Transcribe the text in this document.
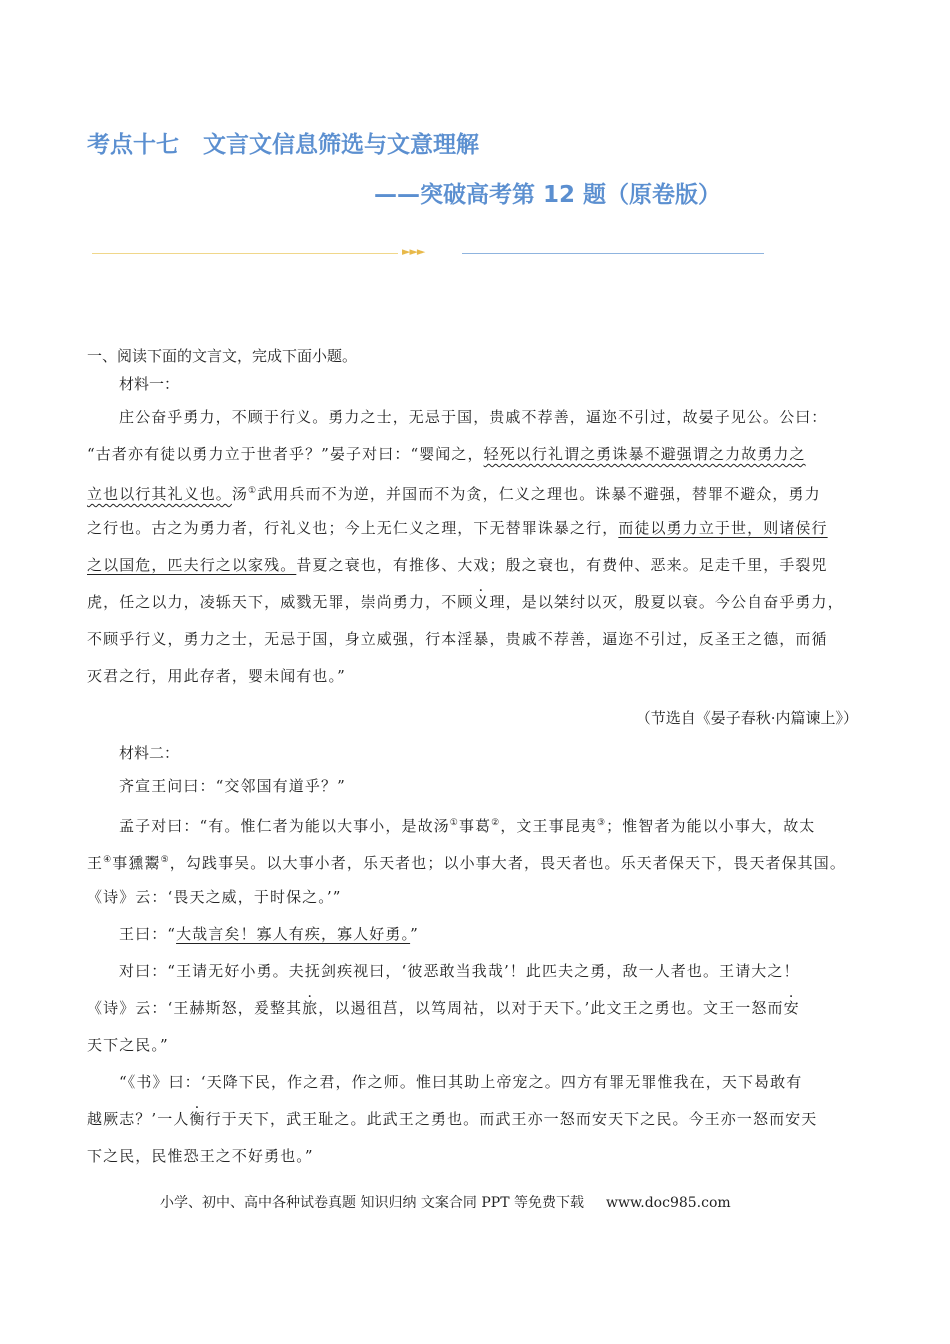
考点十七 文言文信息筛选与文意理解
——突破高考第 12 题（原卷版）
►►►
一、阅读下面的文言文，完成下面小题。
材料一：
庄公奋乎勇力，不顾于行义。勇力之士，无忌于国，贵戚不荐善，逼迩不引过，故晏子见公。公曰：
“古者亦有徒以勇力立于世者乎？”晏子对曰：“婴闻之，轻死以行礼谓之勇诛暴不避强谓之力故勇力之
立也以行其礼义也。汤①武用兵而不为逆，并国而不为贪，仁义之理也。诛暴不避强，替罪不避众，勇力
之行也。古之为勇力者，行礼义也；今上无仁义之理，下无替罪诛暴之行，而徒以勇力立于世，则诸侯行
之以国危，匹夫行之以家残。昔夏之衰也，有推侈、大戏；殷之衰也，有费仲、恶来。足走千里，手裂兕
虎，任之以力，凌轹天下，威戮无罪，崇尚勇力，不顾义理，是以桀纣以灭，殷夏以衰。今公自奋乎勇力，
不顾乎行义，勇力之士，无忌于国，身立威强，行本淫暴，贵戚不荐善，逼迩不引过，反圣王之德，而循
灭君之行，用此存者，婴未闻有也。”
（节选自《晏子春秋·内篇谏上》）
材料二：
齐宣王问曰：“交邻国有道乎？”
孟子对曰：“有。惟仁者为能以大事小，是故汤①事葛②，文王事昆夷③；惟智者为能以小事大，故太
王④事獯鬻⑤，勾践事吴。以大事小者，乐天者也；以小事大者，畏天者也。乐天者保天下，畏天者保其国。
《诗》云：‘畏天之威，于时保之。’”
王曰：“大哉言矣！寡人有疾，寡人好勇。”
对曰：“王请无好小勇。夫抚剑疾视曰，‘彼恶敢当我哉’！此匹夫之勇，敌一人者也。王请大之！
《诗》云：‘王赫斯怒，爰整其旅，以遏徂莒，以笃周祜，以对于天下。’此文王之勇也。文王一怒而安
天下之民。”
“《书》曰：‘天降下民，作之君，作之师。惟曰其助上帝宠之。四方有罪无罪惟我在，天下曷敢有
越厥志？’一人衡行于天下，武王耻之。此武王之勇也。而武王亦一怒而安天下之民。今王亦一怒而安天
下之民，民惟恐王之不好勇也。”
小学、初中、高中各种试卷真题 知识归纳 文案合同 PPT 等免费下载 www.doc985.com
